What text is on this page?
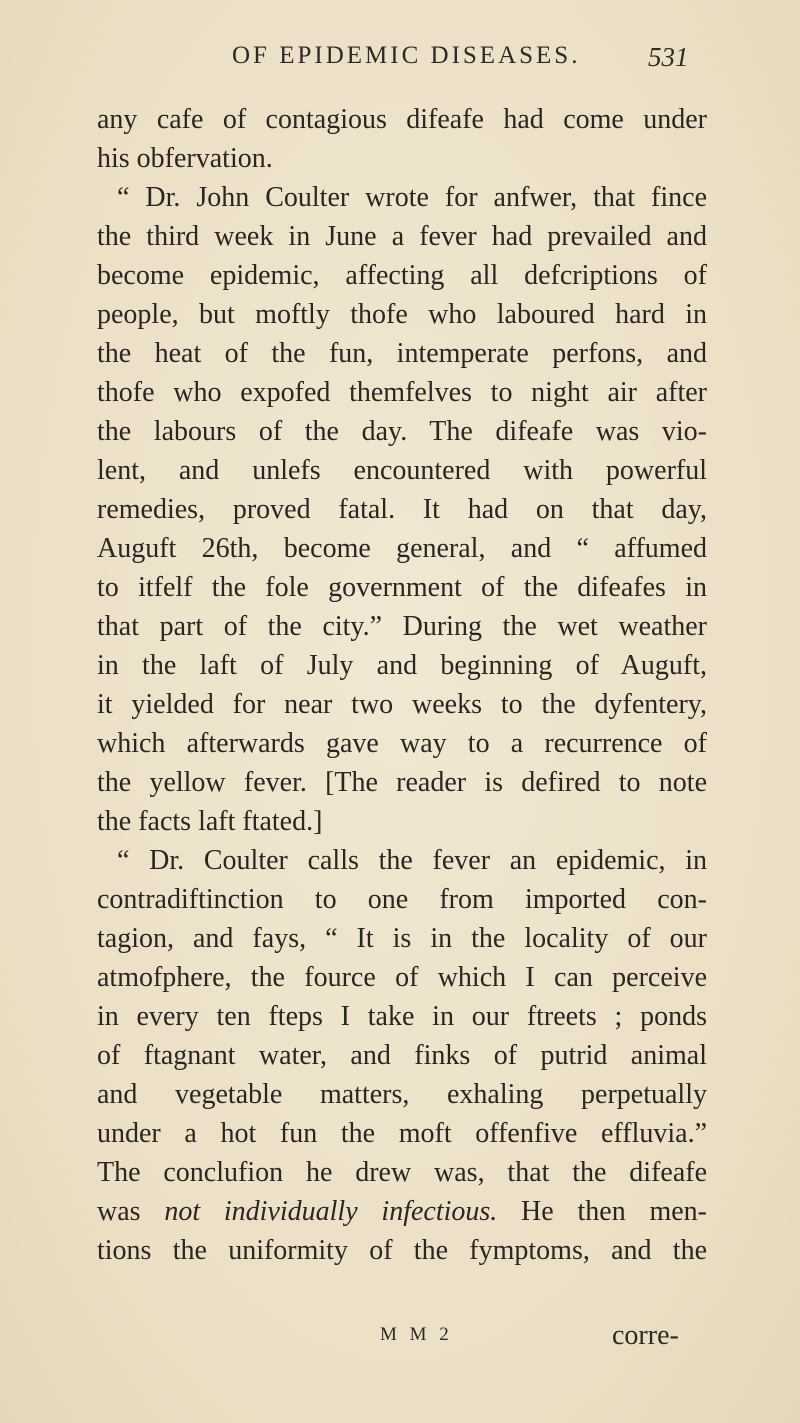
OF EPIDEMIC DISEASES.	531
any cafe of contagious difeafe had come under
his obfervation.
“ Dr. John Coulter wrote for anfwer, that fince
the third week in June a fever had prevailed and
become epidemic, affecting all defcriptions of
people, but moftly thofe who laboured hard in
the heat of the fun, intemperate perfons, and
thofe who expofed themfelves to night air after
the labours of the day. The difeafe was vio-
lent, and unlefs encountered with powerful
remedies, proved fatal. It had on that day,
Auguft 26th, become general, and “ affumed
to itfelf the fole government of the difeafes in
that part of the city.” During the wet weather
in the laft of July and beginning of Auguft,
it yielded for near two weeks to the dyfentery,
which afterwards gave way to a recurrence of
the yellow fever. [The reader is defired to note
the facts laft ftated.]
“ Dr. Coulter calls the fever an epidemic, in
contradiftinction to one from imported con-
tagion, and fays, “ It is in the locality of our
atmofphere, the fource of which I can perceive
in every ten fteps I take in our ftreets ; ponds
of ftagnant water, and finks of putrid animal
and vegetable matters, exhaling perpetually
under a hot fun the moft offenfive effluvia.”
The conclufion he drew was, that the difeafe
was not individually infectious. He then men-
tions the uniformity of the fymptoms, and the
M M 2	corre-
